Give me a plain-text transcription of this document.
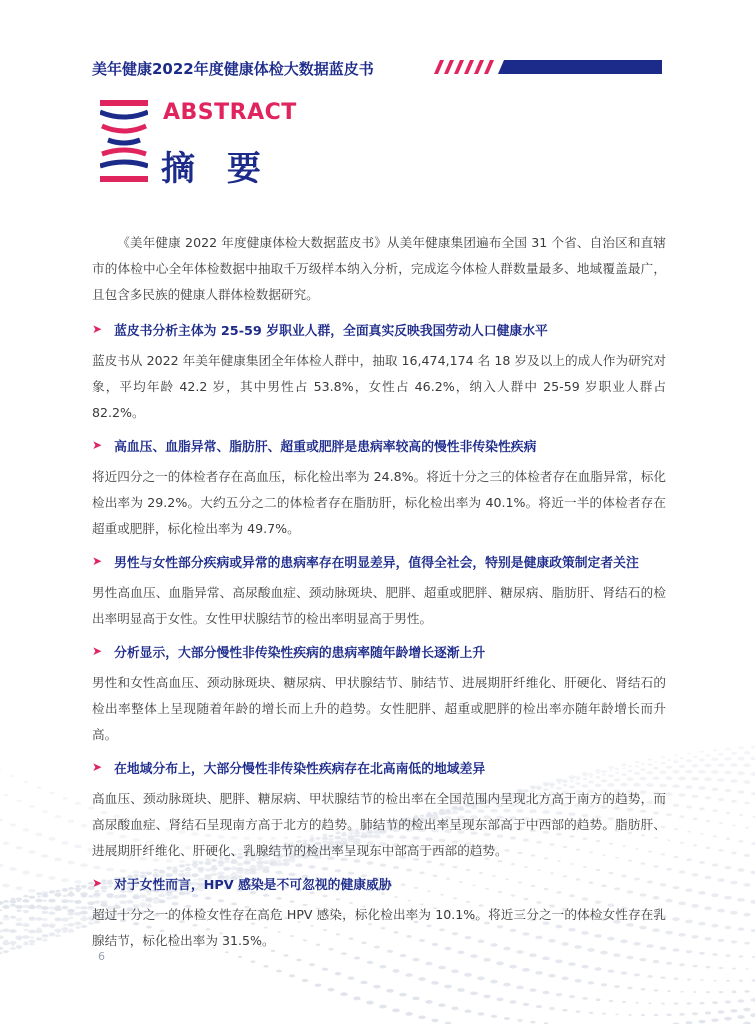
美年健康2022年度健康体检大数据蓝皮书
ABSTRACT
摘 要

《美年健康 2022 年度健康体检大数据蓝皮书》从美年健康集团遍布全国 31 个省、自治区和直辖市的体检中心全年体检数据中抽取千万级样本纳入分析，完成迄今体检人群数量最多、地域覆盖最广，且包含多民族的健康人群体检数据研究。

➤ 蓝皮书分析主体为 25-59 岁职业人群，全面真实反映我国劳动人口健康水平

蓝皮书从 2022 年美年健康集团全年体检人群中，抽取 16,474,174 名 18 岁及以上的成人作为研究对象，平均年龄 42.2 岁，其中男性占 53.8%，女性占 46.2%，纳入人群中 25-59 岁职业人群占 82.2%。

➤ 高血压、血脂异常、脂肪肝、超重或肥胖是患病率较高的慢性非传染性疾病

将近四分之一的体检者存在高血压，标化检出率为 24.8%。将近十分之三的体检者存在血脂异常，标化检出率为 29.2%。大约五分之二的体检者存在脂肪肝，标化检出率为 40.1%。将近一半的体检者存在超重或肥胖，标化检出率为 49.7%。

➤ 男性与女性部分疾病或异常的患病率存在明显差异，值得全社会，特别是健康政策制定者关注

男性高血压、血脂异常、高尿酸血症、颈动脉斑块、肥胖、超重或肥胖、糖尿病、脂肪肝、肾结石的检出率明显高于女性。女性甲状腺结节的检出率明显高于男性。

➤ 分析显示，大部分慢性非传染性疾病的患病率随年龄增长逐渐上升

男性和女性高血压、颈动脉斑块、糖尿病、甲状腺结节、肺结节、进展期肝纤维化、肝硬化、肾结石的检出率整体上呈现随着年龄的增长而上升的趋势。女性肥胖、超重或肥胖的检出率亦随年龄增长而升高。

➤ 在地域分布上，大部分慢性非传染性疾病存在北高南低的地域差异

高血压、颈动脉斑块、肥胖、糖尿病、甲状腺结节的检出率在全国范围内呈现北方高于南方的趋势，而高尿酸血症、肾结石呈现南方高于北方的趋势。肺结节的检出率呈现东部高于中西部的趋势。脂肪肝、进展期肝纤维化、肝硬化、乳腺结节的检出率呈现东中部高于西部的趋势。

➤ 对于女性而言，HPV 感染是不可忽视的健康威胁

超过十分之一的体检女性存在高危 HPV 感染，标化检出率为 10.1%。将近三分之一的体检女性存在乳腺结节，标化检出率为 31.5%。

6
